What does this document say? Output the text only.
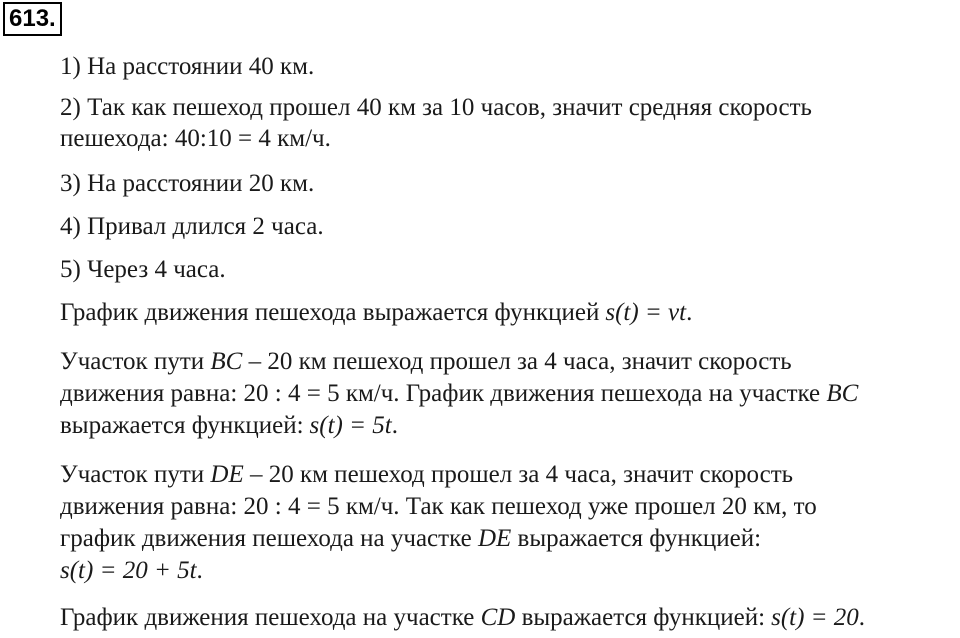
613.
1) На расстоянии 40 км.
2) Так как пешеход прошел 40 км за 10 часов, значит средняя скорость
пешехода: 40:10 = 4 км/ч.
3) На расстоянии 20 км.
4) Привал длился 2 часа.
5) Через 4 часа.
График движения пешехода выражается функцией s(t) = vt.
Участок пути BC – 20 км пешеход прошел за 4 часа, значит скорость
движения равна: 20 : 4 = 5 км/ч. График движения пешехода на участке BC
выражается функцией: s(t) = 5t.
Участок пути DE – 20 км пешеход прошел за 4 часа, значит скорость
движения равна: 20 : 4 = 5 км/ч. Так как пешеход уже прошел 20 км, то
график движения пешехода на участке DE выражается функцией:
s(t) = 20 + 5t.
График движения пешехода на участке CD выражается функцией: s(t) = 20.
